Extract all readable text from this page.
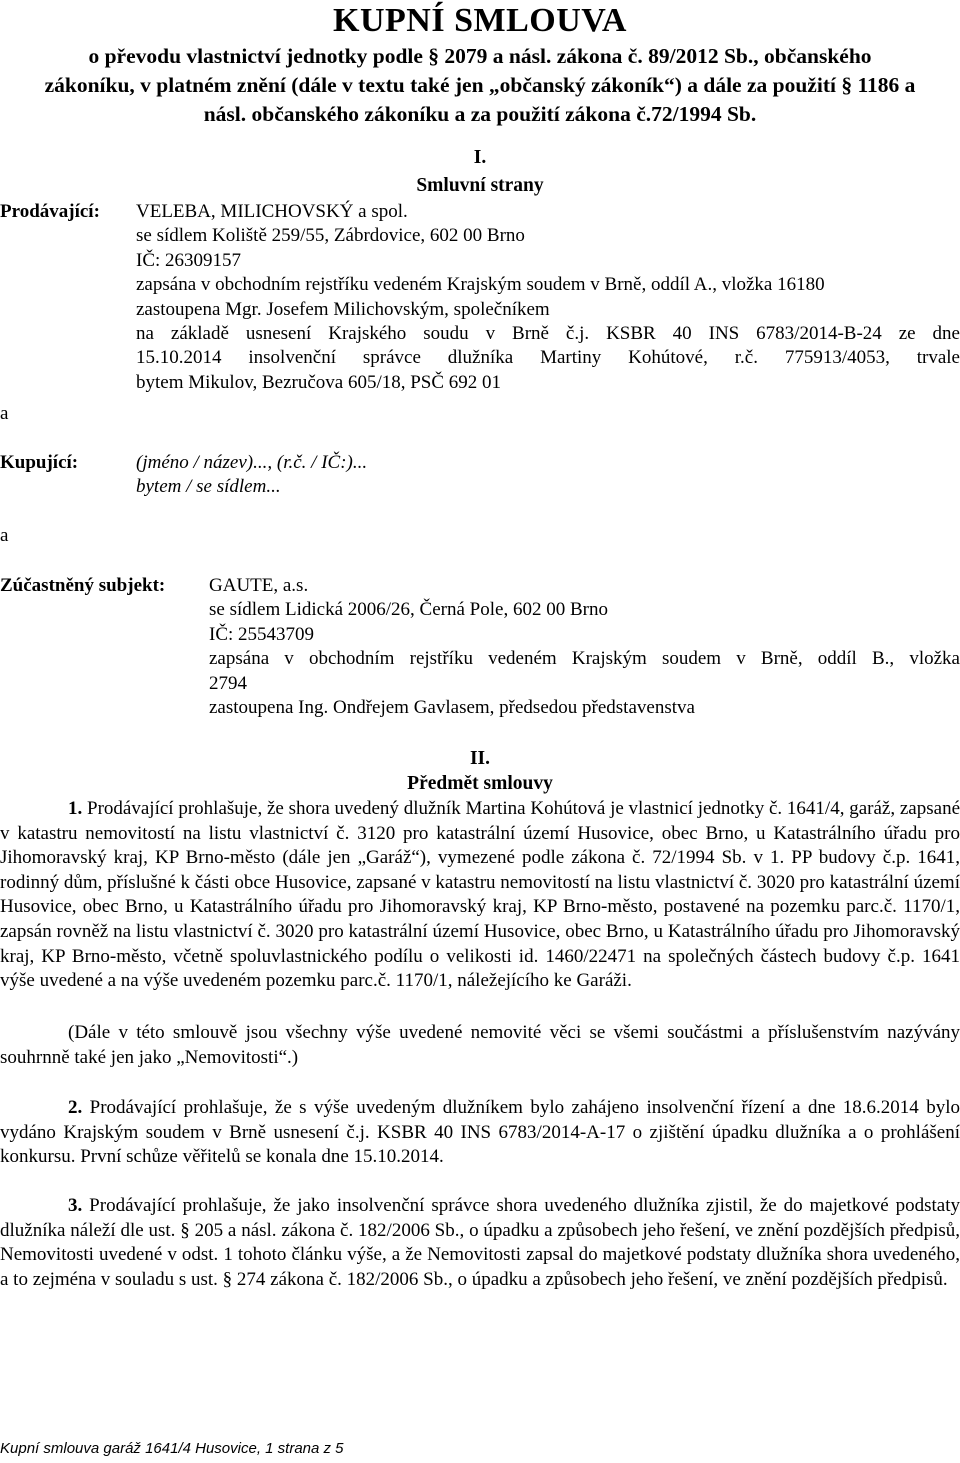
KUPNÍ SMLOUVA
o převodu vlastnictví jednotky podle § 2079 a násl. zákona č. 89/2012 Sb., občanského
zákoníku, v platném znění (dále v textu také jen „občanský zákoník“) a dále za použití § 1186 a
násl. občanského zákoníku a za použití zákona č.72/1994 Sb.
I.
Smluvní strany
Prodávající: VELEBA, MILICHOVSKÝ a spol.
se sídlem Koliště 259/55, Zábrdovice, 602 00 Brno
IČ: 26309157
zapsána v obchodním rejstříku vedeném Krajským soudem v Brně, oddíl A., vložka 16180
zastoupena Mgr. Josefem Milichovským, společníkem
na základě usnesení Krajského soudu v Brně č.j. KSBR 40 INS 6783/2014-B-24 ze dne
15.10.2014 insolvenční správce dlužníka Martiny Kohútové, r.č. 775913/4053, trvale
bytem Mikulov, Bezručova 605/18, PSČ 692 01
a
Kupující:	(jméno / název)..., (r.č. / IČ:)...
bytem / se sídlem...
a
Zúčastněný subjekt: GAUTE, a.s.
se sídlem Lidická 2006/26, Černá Pole, 602 00 Brno
IČ: 25543709
zapsána v obchodním rejstříku vedeném Krajským soudem v Brně, oddíl B., vložka
2794
zastoupena Ing. Ondřejem Gavlasem, předsedou představenstva
II.
Předmět smlouvy
1. Prodávající prohlašuje, že shora uvedený dlužník Martina Kohútová je vlastnicí jednotky č. 1641/4, garáž, zapsané v katastru nemovitostí na listu vlastnictví č. 3120 pro katastrální území Husovice, obec Brno, u Katastrálního úřadu pro Jihomoravský kraj, KP Brno-město (dále jen „Garáž“), vymezené podle zákona č. 72/1994 Sb. v 1. PP budovy č.p. 1641, rodinný dům, příslušné k části obce Husovice, zapsané v katastru nemovitostí na listu vlastnictví č. 3020 pro katastrální území Husovice, obec Brno, u Katastrálního úřadu pro Jihomoravský kraj, KP Brno-město, postavené na pozemku parc.č. 1170/1, zapsán rovněž na listu vlastnictví č. 3020 pro katastrální území Husovice, obec Brno, u Katastrálního úřadu pro Jihomoravský kraj, KP Brno-město, včetně spoluvlastnického podílu o velikosti id. 1460/22471 na společných částech budovy č.p. 1641 výše uvedené a na výše uvedeném pozemku parc.č. 1170/1, náležejícího ke Garáži.
(Dále v této smlouvě jsou všechny výše uvedené nemovité věci se všemi součástmi a příslušenstvím nazývány souhrnně také jen jako „Nemovitosti“.)
2. Prodávající prohlašuje, že s výše uvedeným dlužníkem bylo zahájeno insolvenční řízení a dne 18.6.2014 bylo vydáno Krajským soudem v Brně usnesení č.j. KSBR 40 INS 6783/2014-A-17 o zjištění úpadku dlužníka a o prohlášení konkursu. První schůze věřitelů se konala dne 15.10.2014.
3. Prodávající prohlašuje, že jako insolvenční správce shora uvedeného dlužníka zjistil, že do majetkové podstaty dlužníka náleží dle ust. § 205 a násl. zákona č. 182/2006 Sb., o úpadku a způsobech jeho řešení, ve znění pozdějších předpisů, Nemovitosti uvedené v odst. 1 tohoto článku výše, a že Nemovitosti zapsal do majetkové podstaty dlužníka shora uvedeného, a to zejména v souladu s ust. § 274 zákona č. 182/2006 Sb., o úpadku a způsobech jeho řešení, ve znění pozdějších předpisů.
Kupní smlouva garáž 1641/4 Husovice, 1 strana z 5
